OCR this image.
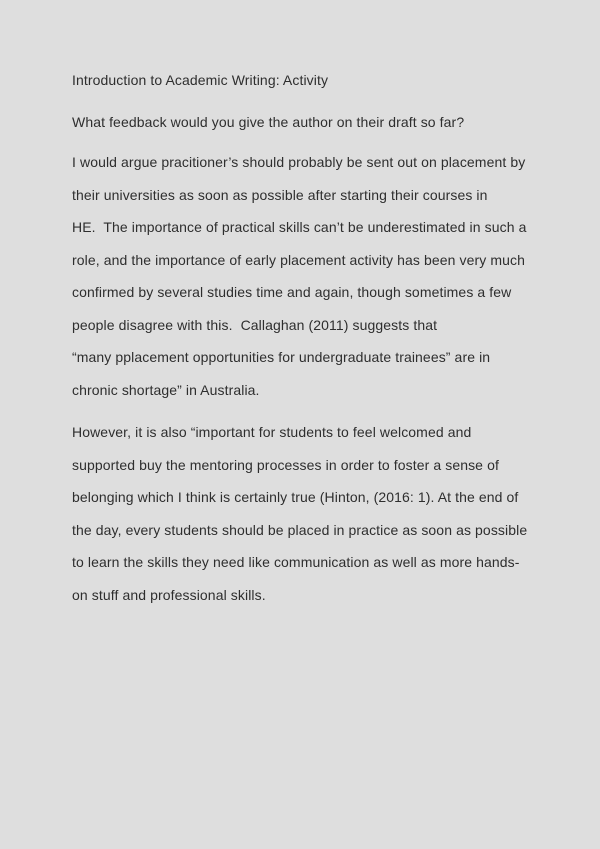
Introduction to Academic Writing: Activity
What feedback would you give the author on their draft so far?
I would argue pracitioner’s should probably be sent out on placement by
their universities as soon as possible after starting their courses in
HE.  The importance of practical skills can’t be underestimated in such a
role, and the importance of early placement activity has been very much
confirmed by several studies time and again, though sometimes a few
people disagree with this.  Callaghan (2011) suggests that
“many pplacement opportunities for undergraduate trainees” are in
chronic shortage” in Australia.
However, it is also “important for students to feel welcomed and
supported buy the mentoring processes in order to foster a sense of
belonging which I think is certainly true (Hinton, (2016: 1). At the end of
the day, every students should be placed in practice as soon as possible
to learn the skills they need like communication as well as more hands-
on stuff and professional skills.
